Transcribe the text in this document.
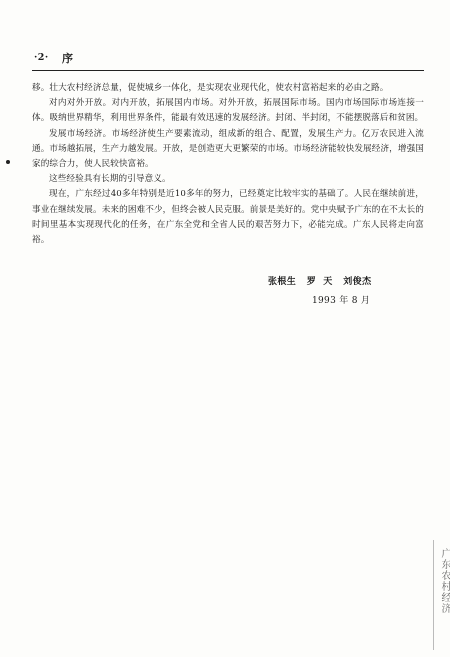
·2· 序

移。壮大农村经济总量，促使城乡一体化，是实现农业现代化，使农村富裕起来的必由之路。

对内对外开放。对内开放，拓展国内市场。对外开放，拓展国际市场。国内市场国际市场连接一体。吸纳世界精华，利用世界条件，能最有效迅速的发展经济。封闭、半封闭，不能摆脱落后和贫困。

发展市场经济。市场经济使生产要素流动，组成新的组合、配置，发展生产力。亿万农民进入流通。市场越拓展，生产力越发展。开放，是创造更大更繁荣的市场。市场经济能较快发展经济，增强国家的综合力，使人民较快富裕。

这些经验具有长期的引导意义。

现在，广东经过40多年特别是近10多年的努力，已经奠定比较牢实的基础了。人民在继续前进，事业在继续发展。未来的困难不少，但终会被人民克服。前景是美好的。党中央赋予广东的在不太长的时间里基本实现现代化的任务，在广东全党和全省人民的艰苦努力下，必能完成。广东人民将走向富裕。

张根生   罗  天   刘俊杰
1993 年 8 月
广东农村经济
